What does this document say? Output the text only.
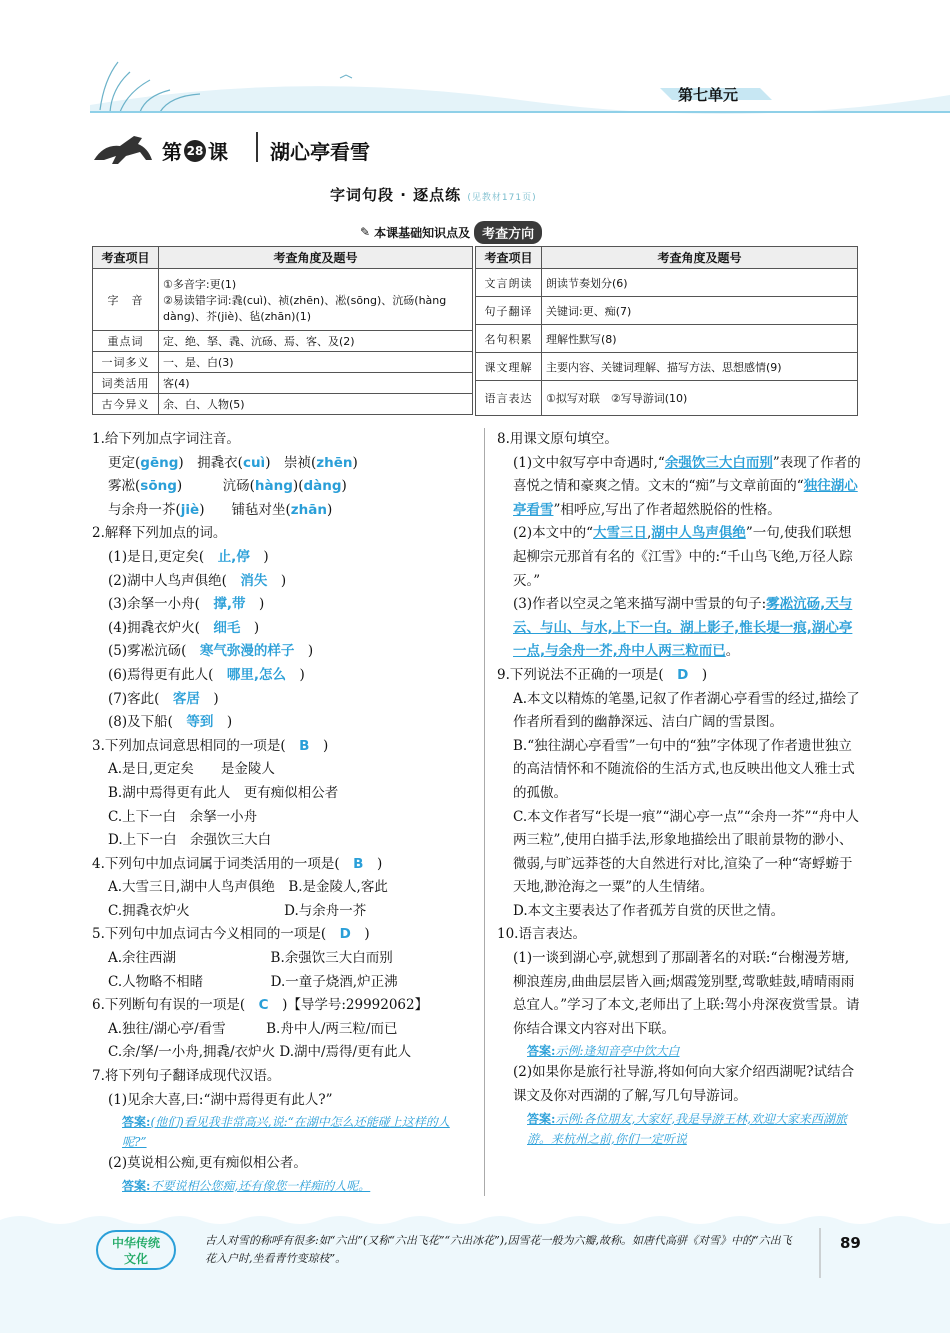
第七单元
第 28 课 湖心亭看雪
字词句段 · 逐点练 (见教材171页)
✎ 本课基础知识点及 考查方向
考查项目	考查角度及题号
字　音	①多音字:更(1)
②易读错字词:毳(cuì)、祯(zhēn)、凇(sōng)、沆砀(hàng dàng)、芥(jiè)、毡(zhān)(1)

重点词	定、绝、拏、毳、沆砀、焉、客、及(2)
一词多义	一、是、白(3)
词类活用	客(4)
古今异义	余、白、人物(5)
考查项目	考查角度及题号
文言朗读	朗读节奏划分(6)
句子翻译	关键词:更、痴(7)
名句积累	理解性默写(8)
课文理解	主要内容、关键词理解、描写方法、思想感情(9)
语言表达	①拟写对联　②写导游词(10)
1.给下列加点字词注音。
更定(gēng)　拥毳衣(cuì)　崇祯(zhēn)
雾凇(sōng)　　　沆砀(hàng)(dàng)
与余舟一芥(jiè)　　铺毡对坐(zhān)
2.解释下列加点的词。
(1)是日,更定矣(　 止,停　 )
(2)湖中人鸟声俱绝(　 消失　 )
(3)余拏一小舟(　 撑,带　 )
(4)拥毳衣炉火(　 细毛　 )
(5)雾凇沆砀(　 寒气弥漫的样子　 )
(6)焉得更有此人(　 哪里,怎么　 )
(7)客此(　 客居　 )
(8)及下船(　 等到　 )
3.下列加点词意思相同的一项是(　 B　 )
A.是日,更定矣　　是金陵人
B.湖中焉得更有此人　更有痴似相公者
C.上下一白　余拏一小舟
D.上下一白　余强饮三大白
4.下列句中加点词属于词类活用的一项是(　 B　 )
A.大雪三日,湖中人鸟声俱绝　B.是金陵人,客此
C.拥毳衣炉火　　　　　　　D.与余舟一芥
5.下列句中加点词古今义相同的一项是(　 D　 )
A.余往西湖　　　　　　　B.余强饮三大白而别
C.人物略不相睹　　　　　D.一童子烧酒,炉正沸
6.下列断句有误的一项是(　 C　 )【导学号:29992062】
A.独往/湖心亭/看雪　　　B.舟中人/两三粒/而已
C.余/拏/一小舟,拥毳/衣炉火 D.湖中/焉得/更有此人
7.将下列句子翻译成现代汉语。
(1)见余大喜,曰:“湖中焉得更有此人?”
答案:(他们)看见我非常高兴,说:“在湖中怎么还能碰上这样的人呢?”
(2)莫说相公痴,更有痴似相公者。
答案:不要说相公您痴,还有像您一样痴的人呢。
8.用课文原句填空。
(1)文中叙写亭中奇遇时,“余强饮三大白而别”表现了作者的喜悦之情和豪爽之情。文末的“痴”与文章前面的“独往湖心亭看雪”相呼应,写出了作者超然脱俗的性格。
(2)本文中的“大雪三日,湖中人鸟声俱绝”一句,使我们联想起柳宗元那首有名的《江雪》中的:“千山鸟飞绝,万径人踪灭。”
(3)作者以空灵之笔来描写湖中雪景的句子:雾凇沆砀,天与云、与山、与水,上下一白。湖上影子,惟长堤一痕,湖心亭一点,与余舟一芥,舟中人两三粒而已。
9.下列说法不正确的一项是(　 D　 )
A.本文以精炼的笔墨,记叙了作者湖心亭看雪的经过,描绘了作者所看到的幽静深远、洁白广阔的雪景图。
B.“独往湖心亭看雪”一句中的“独”字体现了作者遗世独立的高洁情怀和不随流俗的生活方式,也反映出他文人雅士式的孤傲。
C.本文作者写“长堤一痕”“湖心亭一点”“余舟一芥”“舟中人两三粒”,使用白描手法,形象地描绘出了眼前景物的渺小、微弱,与旷远莽苍的大自然进行对比,渲染了一种“寄蜉蝣于天地,渺沧海之一粟”的人生情绪。
D.本文主要表达了作者孤芳自赏的厌世之情。
10.语言表达。
(1)一谈到湖心亭,就想到了那副著名的对联:“台榭漫芳塘,柳浪莲房,曲曲层层皆入画;烟霞笼别墅,莺歌蛙鼓,晴晴雨雨总宜人。”学习了本文,老师出了上联:驾小舟深夜赏雪景。请你结合课文内容对出下联。
答案:示例:逢知音亭中饮大白
(2)如果你是旅行社导游,将如何向大家介绍西湖呢?试结合课文及你对西湖的了解,写几句导游词。
答案:示例:各位朋友,大家好,我是导游王林,欢迎大家来西湖旅游。来杭州之前,你们一定听说
中华传统
文化
古人对雪的称呼有很多:如“六出”(又称“六出飞花”“六出冰花”),因雪花一般为六瓣,故称。如唐代高骈《对雪》中的“六出飞花入户时,坐看青竹变琼枝”。
89
